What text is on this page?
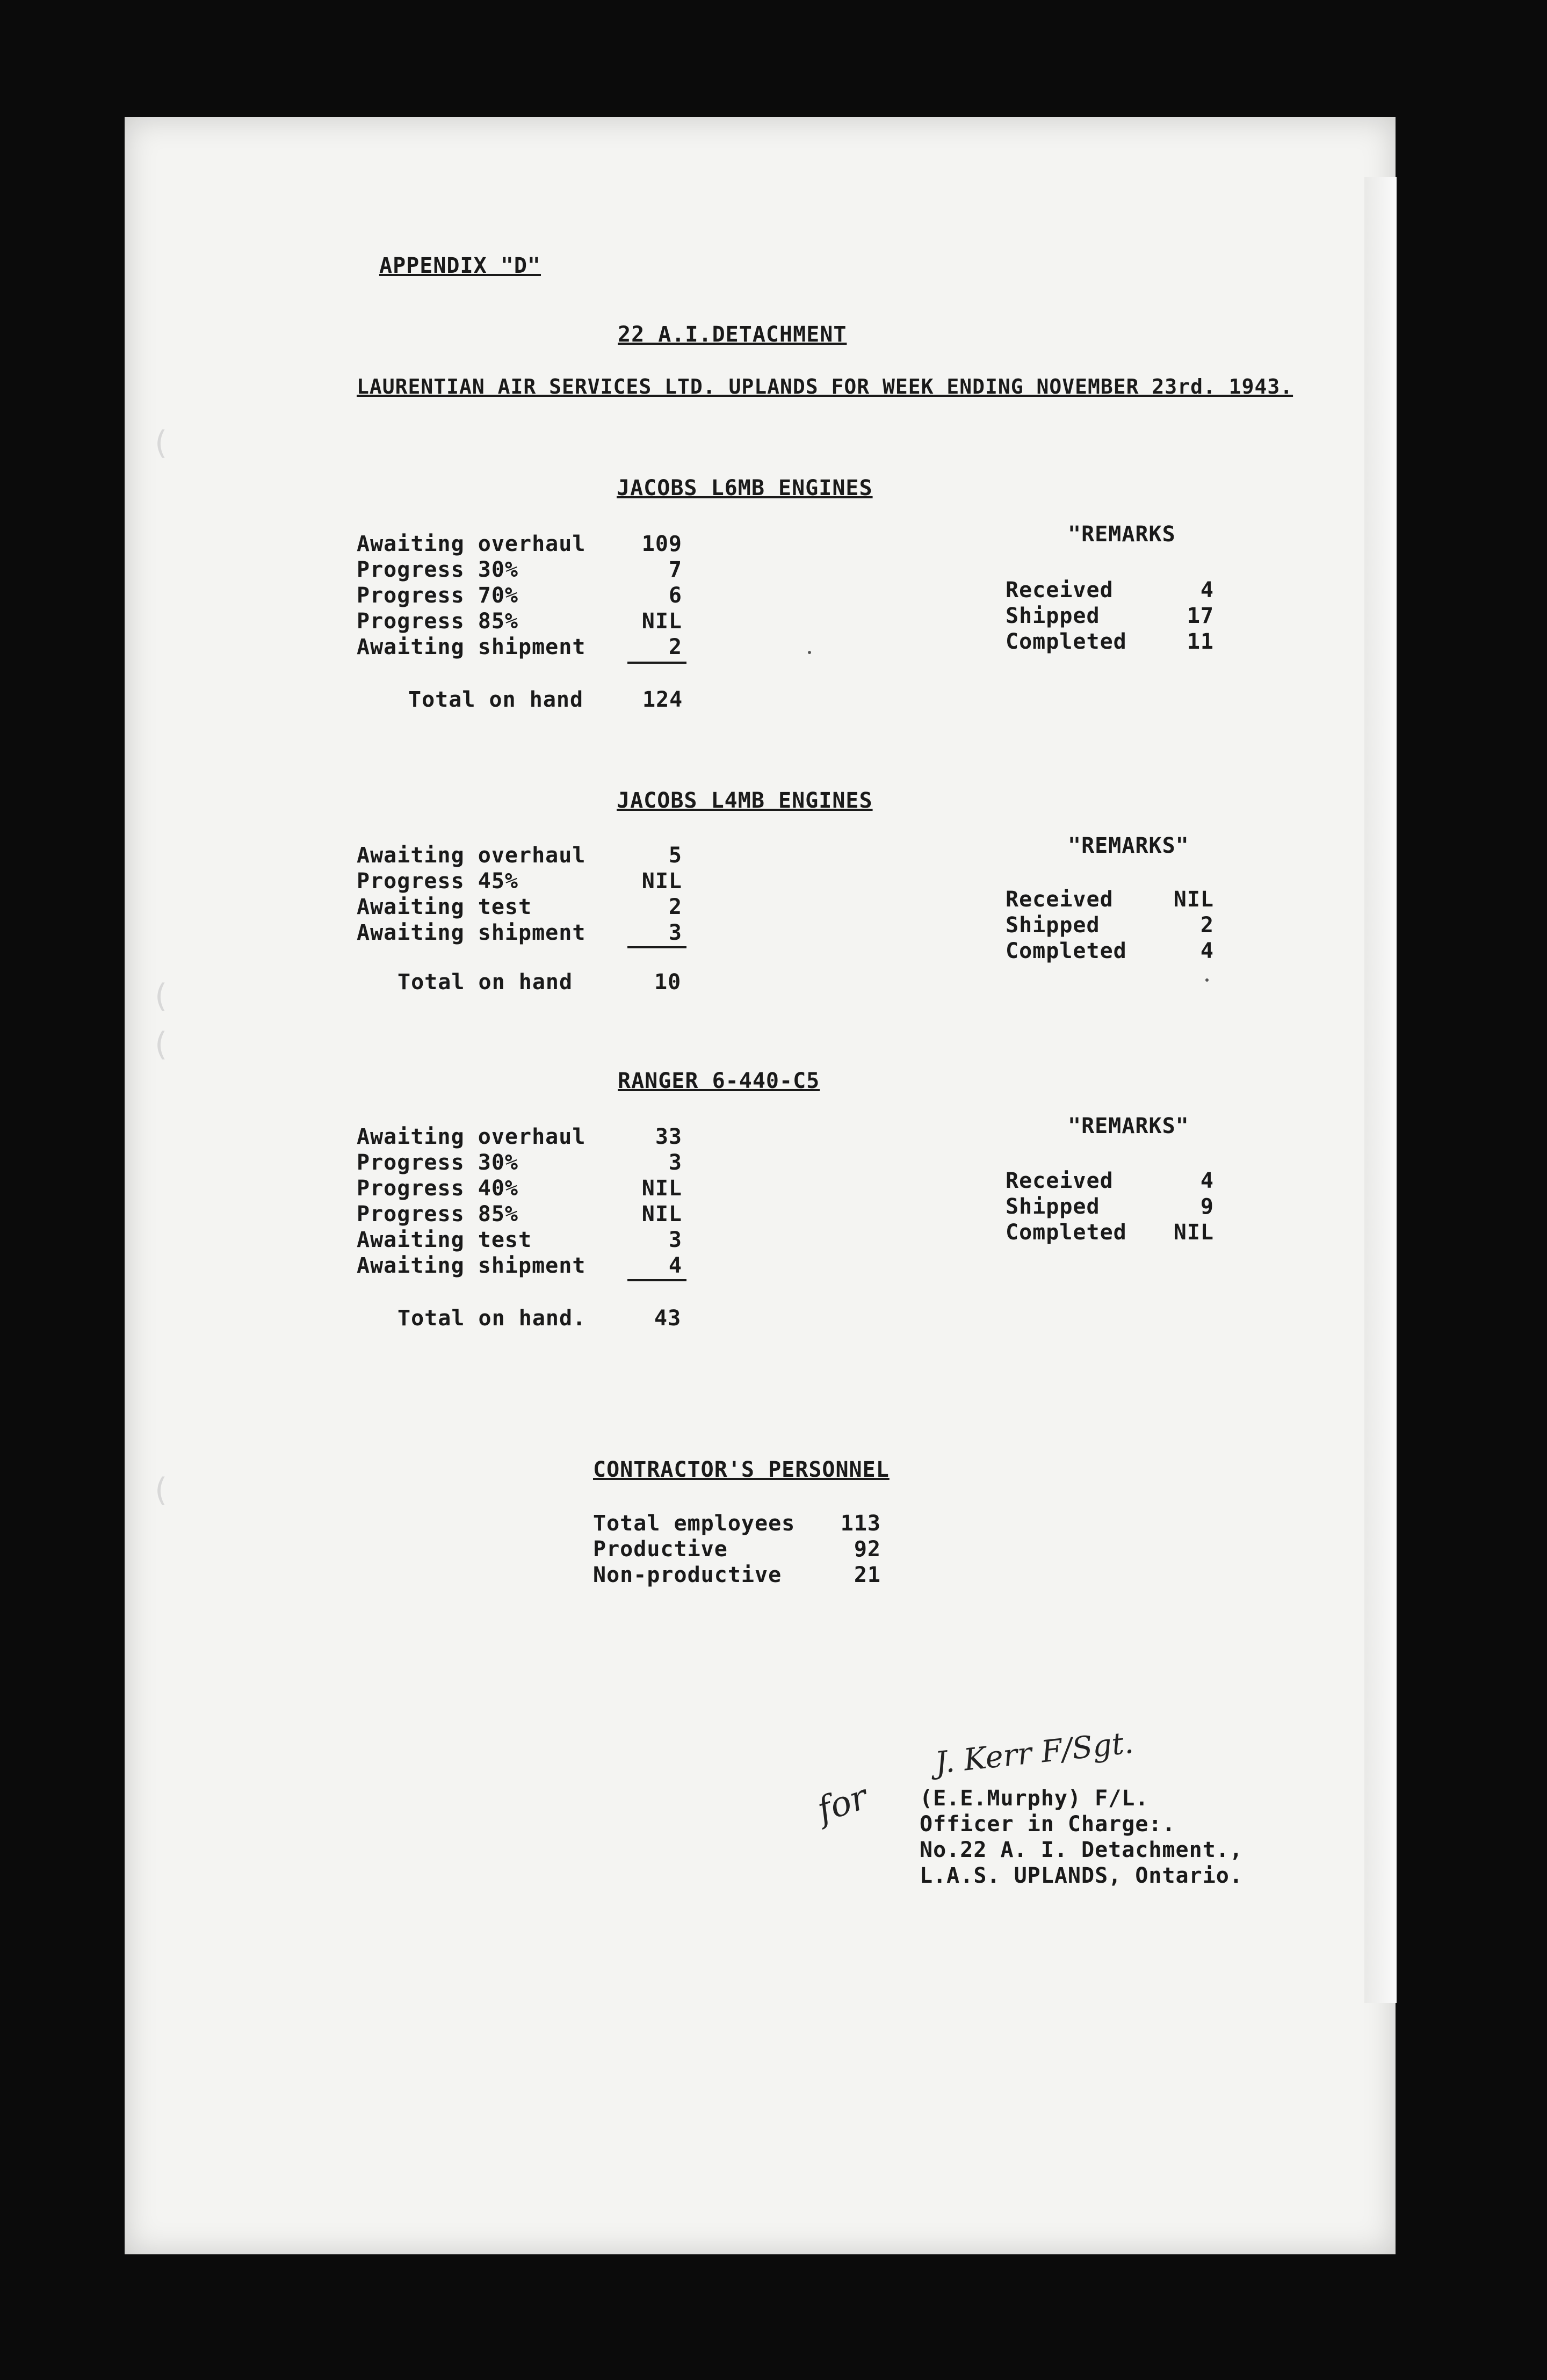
(
(
(
(
APPENDIX "D"
22 A.I.DETACHMENT
LAURENTIAN AIR SERVICES LTD. UPLANDS FOR WEEK ENDING NOVEMBER 23rd. 1943.
JACOBS L6MB ENGINES
Awaiting overhaul	109
Progress 30%	7
Progress 70%	6
Progress 85%	NIL
Awaiting shipment	2
Total on hand	124
"REMARKS
Received	4
Shipped	17
Completed	11
JACOBS L4MB ENGINES
Awaiting overhaul	5
Progress 45%	NIL
Awaiting test	2
Awaiting shipment	3
Total on hand	10
"REMARKS"
Received	NIL
Shipped	2
Completed	4
RANGER 6-440-C5
Awaiting overhaul	33
Progress 30%	3
Progress 40%	NIL
Progress 85%	NIL
Awaiting test	3
Awaiting shipment	4
Total on hand.	43
"REMARKS"
Received	4
Shipped	9
Completed	NIL
CONTRACTOR'S PERSONNEL
Total employees	113
Productive	92
Non-productive	21
for
J. Kerr F/Sgt.
(E.E.Murphy) F/L.
Officer in Charge:.
No.22 A. I. Detachment.,
L.A.S. UPLANDS, Ontario.
